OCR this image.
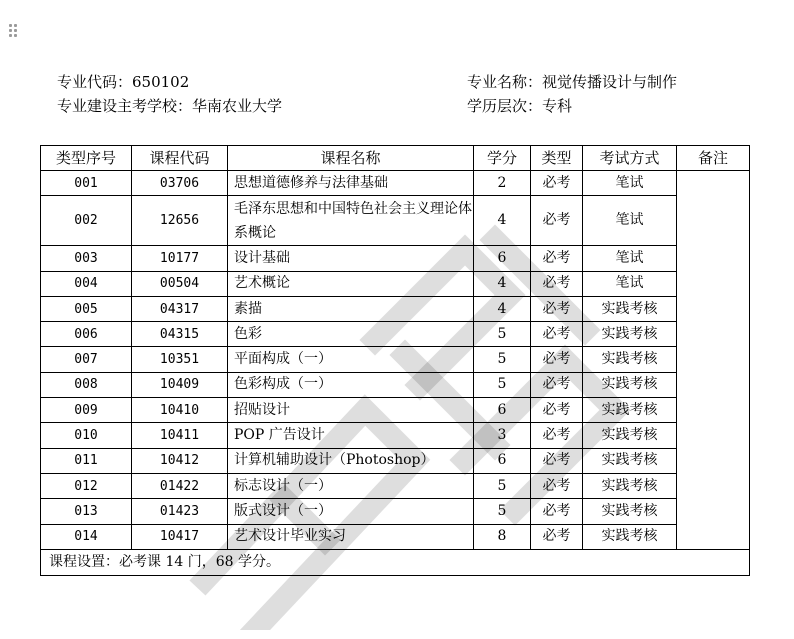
专业代码：650102	专业名称：视觉传播设计与制作
专业建设主考学校：华南农业大学	学历层次：专科
类型序号	课程代码	课程名称	学分	类型	考试方式	备注
001	03706	思想道德修养与法律基础	2	必考	笔试	
002	12656	毛泽东思想和中国特色社会主义理论体系概论	4	必考	笔试	
003	10177	设计基础	6	必考	笔试	
004	00504	艺术概论	4	必考	笔试	
005	04317	素描	4	必考	实践考核	
006	04315	色彩	5	必考	实践考核	
007	10351	平面构成（一）	5	必考	实践考核	
008	10409	色彩构成（一）	5	必考	实践考核	
009	10410	招贴设计	6	必考	实践考核	
010	10411	POP 广告设计	3	必考	实践考核	
011	10412	计算机辅助设计（Photoshop）	6	必考	实践考核	
012	01422	标志设计（一）	5	必考	实践考核	
013	01423	版式设计（一）	5	必考	实践考核	
014	10417	艺术设计毕业实习	8	必考	实践考核	
课程设置：必考课 14 门，68 学分。						
